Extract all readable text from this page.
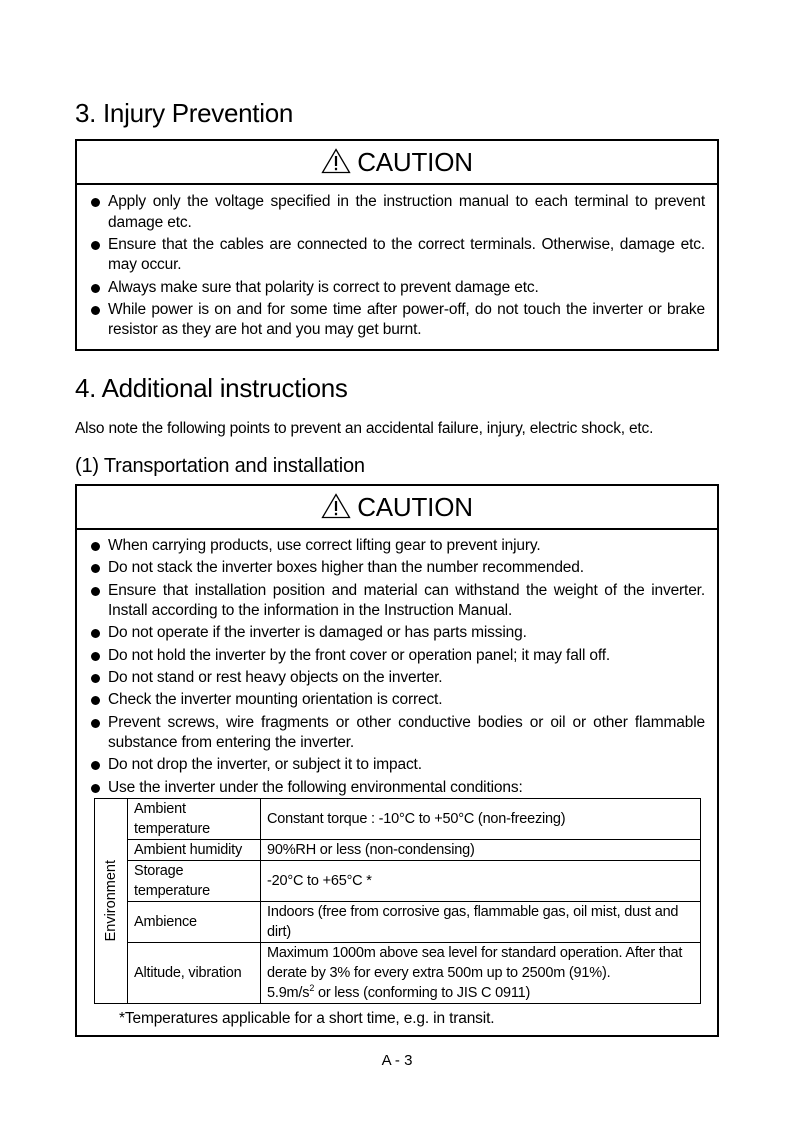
3. Injury Prevention
CAUTION
Apply only the voltage specified in the instruction manual to each terminal to prevent damage etc.
Ensure that the cables are connected to the correct terminals. Otherwise, damage etc. may occur.
Always make sure that polarity is correct to prevent damage etc.
While power is on and for some time after power-off, do not touch the inverter or brake resistor as they are hot and you may get burnt.
4. Additional instructions
Also note the following points to prevent an accidental failure, injury, electric shock, etc.
(1) Transportation and installation
CAUTION
When carrying products, use correct lifting gear to prevent injury.
Do not stack the inverter boxes higher than the number recommended.
Ensure that installation position and material can withstand the weight of the inverter. Install according to the information in the Instruction Manual.
Do not operate if the inverter is damaged or has parts missing.
Do not hold the inverter by the front cover or operation panel; it may fall off.
Do not stand or rest heavy objects on the inverter.
Check the inverter mounting orientation is correct.
Prevent screws, wire fragments or other conductive bodies or oil or other flammable substance from entering the inverter.
Do not drop the inverter, or subject it to impact.
Use the inverter under the following environmental conditions:
Environment	Ambient temperature	Constant torque : -10°C to +50°C (non-freezing)
	Ambient humidity	90%RH or less (non-condensing)
	Storage temperature	-20°C to +65°C *
	Ambience	Indoors (free from corrosive gas, flammable gas, oil mist, dust and dirt)
	Altitude, vibration	Maximum 1000m above sea level for standard operation. After that derate by 3% for every extra 500m up to 2500m (91%).
$5.9m/s^2$ or less (conforming to JIS C 0911)
*Temperatures applicable for a short time, e.g. in transit.
A - 3
